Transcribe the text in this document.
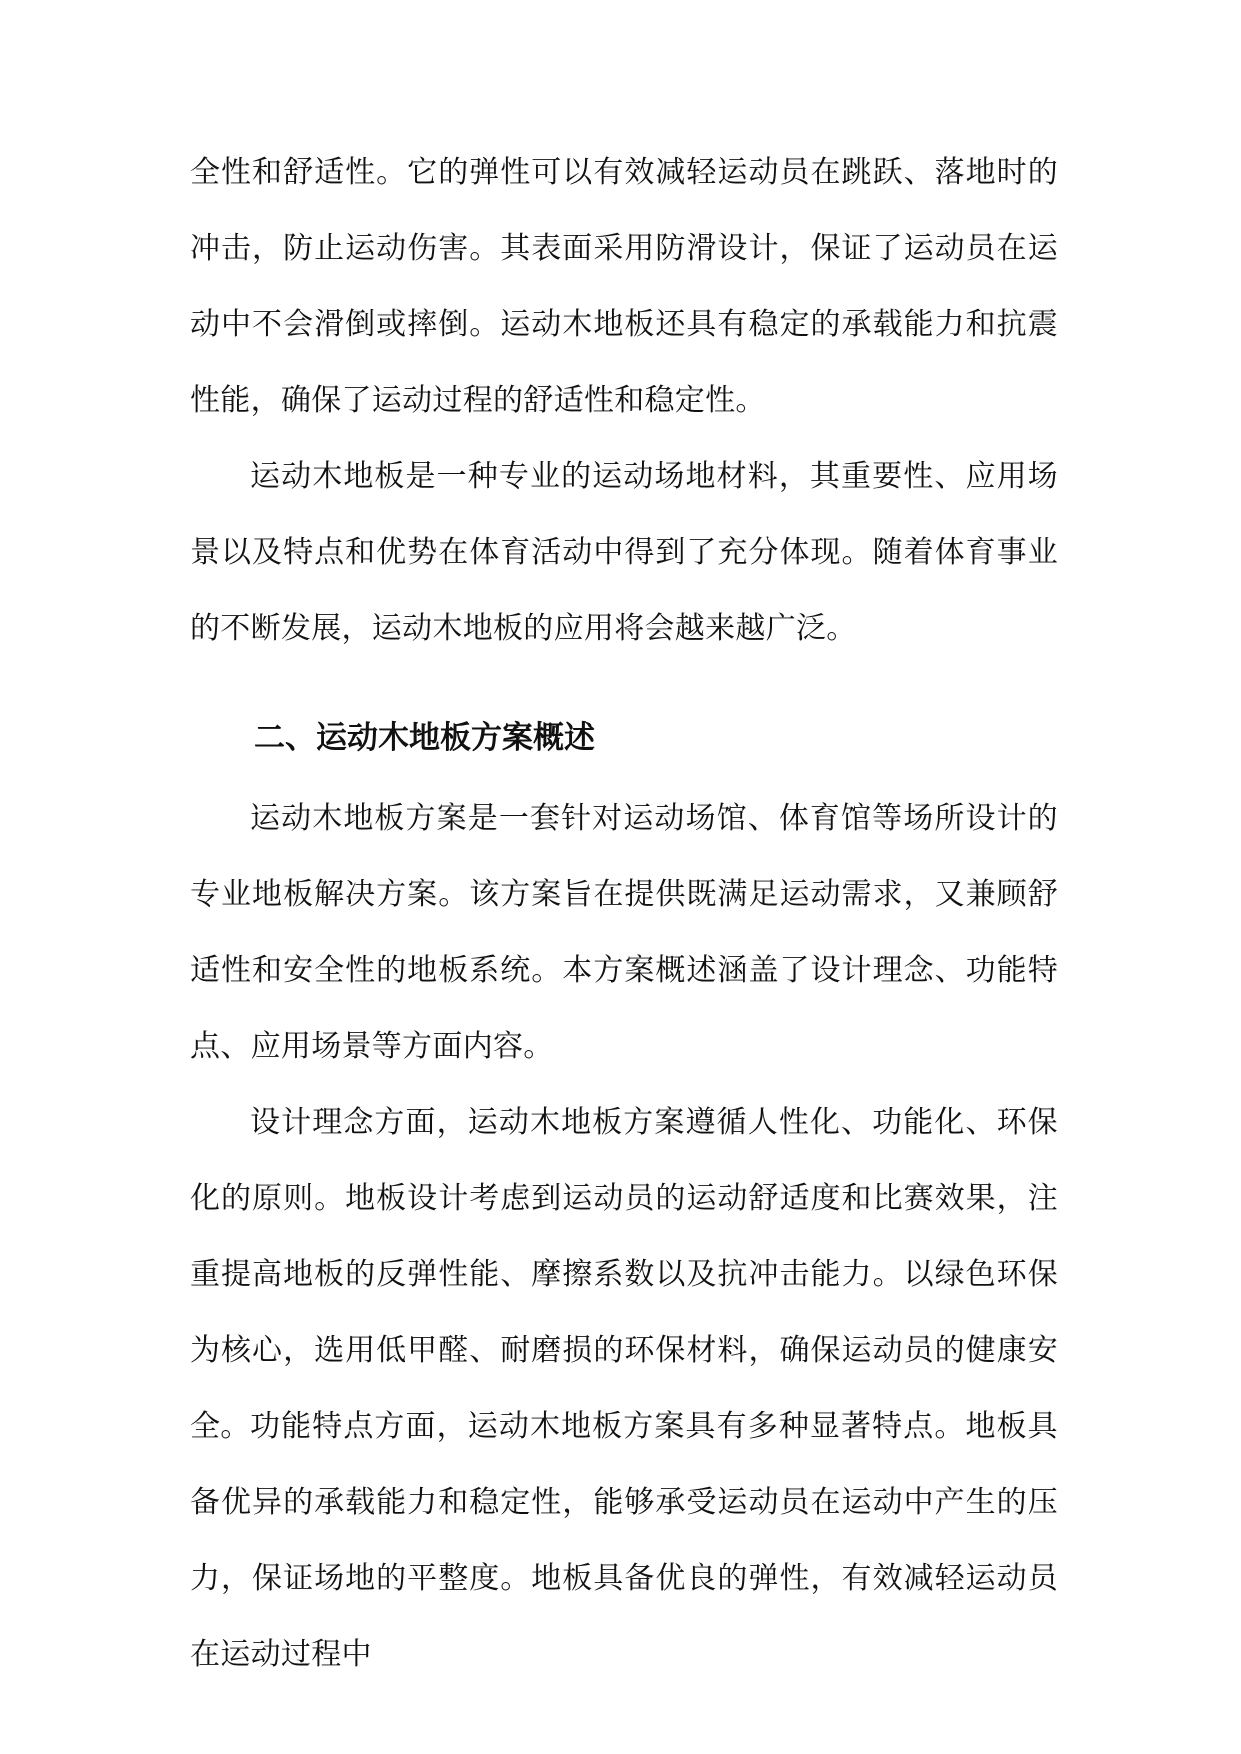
全性和舒适性。它的弹性可以有效减轻运动员在跳跃、落地时的冲击，防止运动伤害。其表面采用防滑设计，保证了运动员在运动中不会滑倒或摔倒。运动木地板还具有稳定的承载能力和抗震性能，确保了运动过程的舒适性和稳定性。

运动木地板是一种专业的运动场地材料，其重要性、应用场景以及特点和优势在体育活动中得到了充分体现。随着体育事业的不断发展，运动木地板的应用将会越来越广泛。

二、运动木地板方案概述

运动木地板方案是一套针对运动场馆、体育馆等场所设计的专业地板解决方案。该方案旨在提供既满足运动需求，又兼顾舒适性和安全性的地板系统。本方案概述涵盖了设计理念、功能特点、应用场景等方面内容。

设计理念方面，运动木地板方案遵循人性化、功能化、环保化的原则。地板设计考虑到运动员的运动舒适度和比赛效果，注重提高地板的反弹性能、摩擦系数以及抗冲击能力。以绿色环保为核心，选用低甲醛、耐磨损的环保材料，确保运动员的健康安全。 功能特点方面，运动木地板方案具有多种显著特点。地板具备优异的承载能力和稳定性，能够承受运动员在运动中产生的压力，保证场地的平整度。地板具备优良的弹性，有效减轻运动员在运动过程中
